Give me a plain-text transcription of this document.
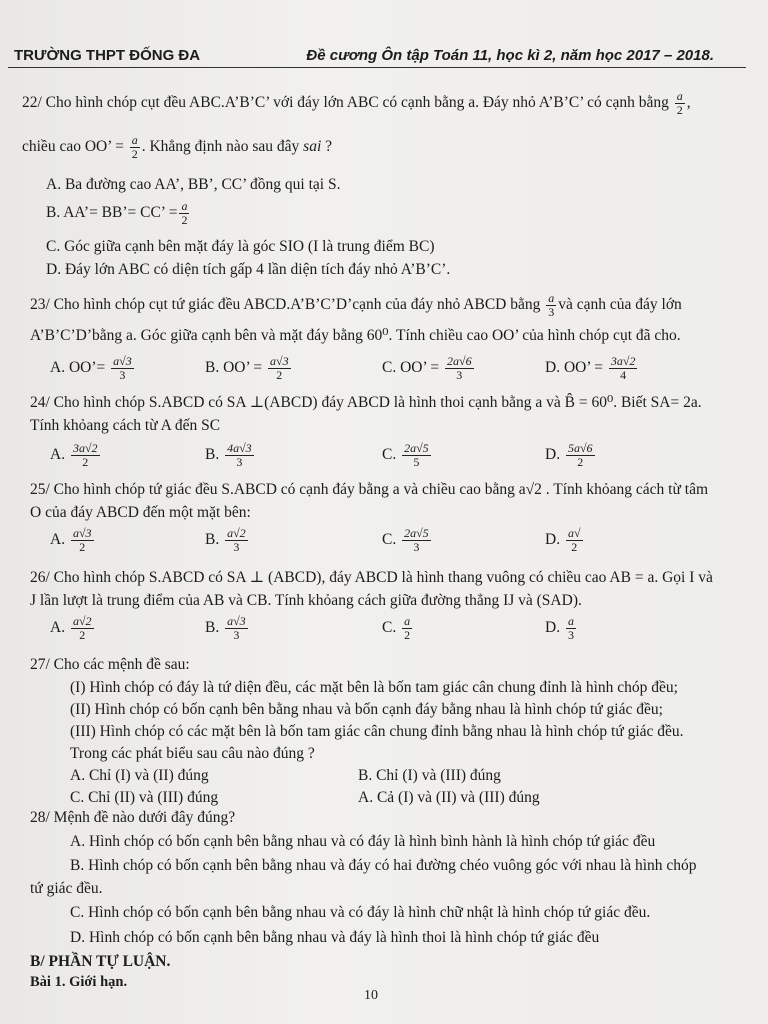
TRƯỜNG THPT ĐỐNG ĐA	Đề cương Ôn tập Toán 11, học kì 2, năm học 2017 – 2018.
22/ Cho hình chóp cụt đều ABC.A’B’C’ với đáy lớn ABC có cạnh bằng a. Đáy nhỏ A’B’C’ có cạnh bằng $\frac{a}{2}$ ,
chiều cao OO’ = $\frac{a}{2}$ . Khẳng định nào sau đây sai ?
A. Ba đường cao AA’, BB’, CC’ đồng qui tại S.
B. AA’= BB’= CC’ = $\frac{a}{2}$
C. Góc giữa cạnh bên mặt đáy là góc SIO (I là trung điểm BC)
D. Đáy lớn ABC có diện tích gấp 4 lần diện tích đáy nhỏ A’B’C’.
23/ Cho hình chóp cụt tứ giác đều ABCD.A’B’C’D’cạnh của đáy nhỏ ABCD bằng $\frac{a}{3}$ và cạnh của đáy lớn
A’B’C’D’bằng a. Góc giữa cạnh bên và mặt đáy bằng 60⁰. Tính chiều cao OO’ của hình chóp cụt đã cho.
A. OO’= $\frac{a√3}{3}$	B. OO’ = $\frac{a√3}{2}$	C. OO’ = $\frac{2a√6}{3}$	D. OO’ = $\frac{3a√2}{4}$
24/ Cho hình chóp S.ABCD có SA ⊥(ABCD) đáy ABCD là hình thoi cạnh bằng a và B̂ = 60⁰. Biết SA= 2a.
Tính khỏang cách từ A đến SC
A. $\frac{3a√2}{2}$	B. $\frac{4a√3}{3}$	C. $\frac{2a√5}{5}$	D. $\frac{5a√6}{2}$
25/ Cho hình chóp tứ giác đều S.ABCD có cạnh đáy bằng a và chiều cao bằng a√2 . Tính khỏang cách từ tâm
O của đáy ABCD đến một mặt bên:
A. $\frac{a√3}{2}$	B. $\frac{a√2}{3}$	C. $\frac{2a√5}{3}$	D. $\frac{a√}{2}$
26/ Cho hình chóp S.ABCD có SA ⊥ (ABCD), đáy ABCD là hình thang vuông có chiều cao AB = a. Gọi I và
J lần lượt là trung điểm của AB và CB. Tính khỏang cách giữa đường thẳng IJ và (SAD).
A. $\frac{a√2}{2}$	B. $\frac{a√3}{3}$	C. $\frac{a}{2}$	D. $\frac{a}{3}$
27/ Cho các mệnh đề sau:
(I) Hình chóp có đáy là tứ diện đều, các mặt bên là bốn tam giác cân chung đỉnh là hình chóp đều;
(II) Hình chóp có bốn cạnh bên bằng nhau và bốn cạnh đáy bằng nhau là hình chóp tứ giác đều;
(III) Hình chóp có các mặt bên là bốn tam giác cân chung đỉnh bằng nhau là hình chóp tứ giác đều.
Trong các phát biểu sau câu nào đúng ?
A. Chỉ (I) và (II) đúng	B. Chỉ (I) và (III) đúng
C. Chỉ (II) và (III) đúng	A. Cả (I) và (II) và (III) đúng
28/ Mệnh đề nào dưới đây đúng?
A. Hình chóp có bốn cạnh bên bằng nhau và có đáy là hình bình hành là hình chóp tứ giác đều
B. Hình chóp có bốn cạnh bên bằng nhau và đáy có hai đường chéo vuông góc với nhau là hình chóp
tứ giác đều.
C. Hình chóp có bốn cạnh bên bằng nhau và có đáy là hình chữ nhật là hình chóp tứ giác đều.
D. Hình chóp có bốn cạnh bên bằng nhau và đáy là hình thoi là hình chóp tứ giác đều
B/ PHẦN TỰ LUẬN.
Bài 1. Giới hạn.
10
